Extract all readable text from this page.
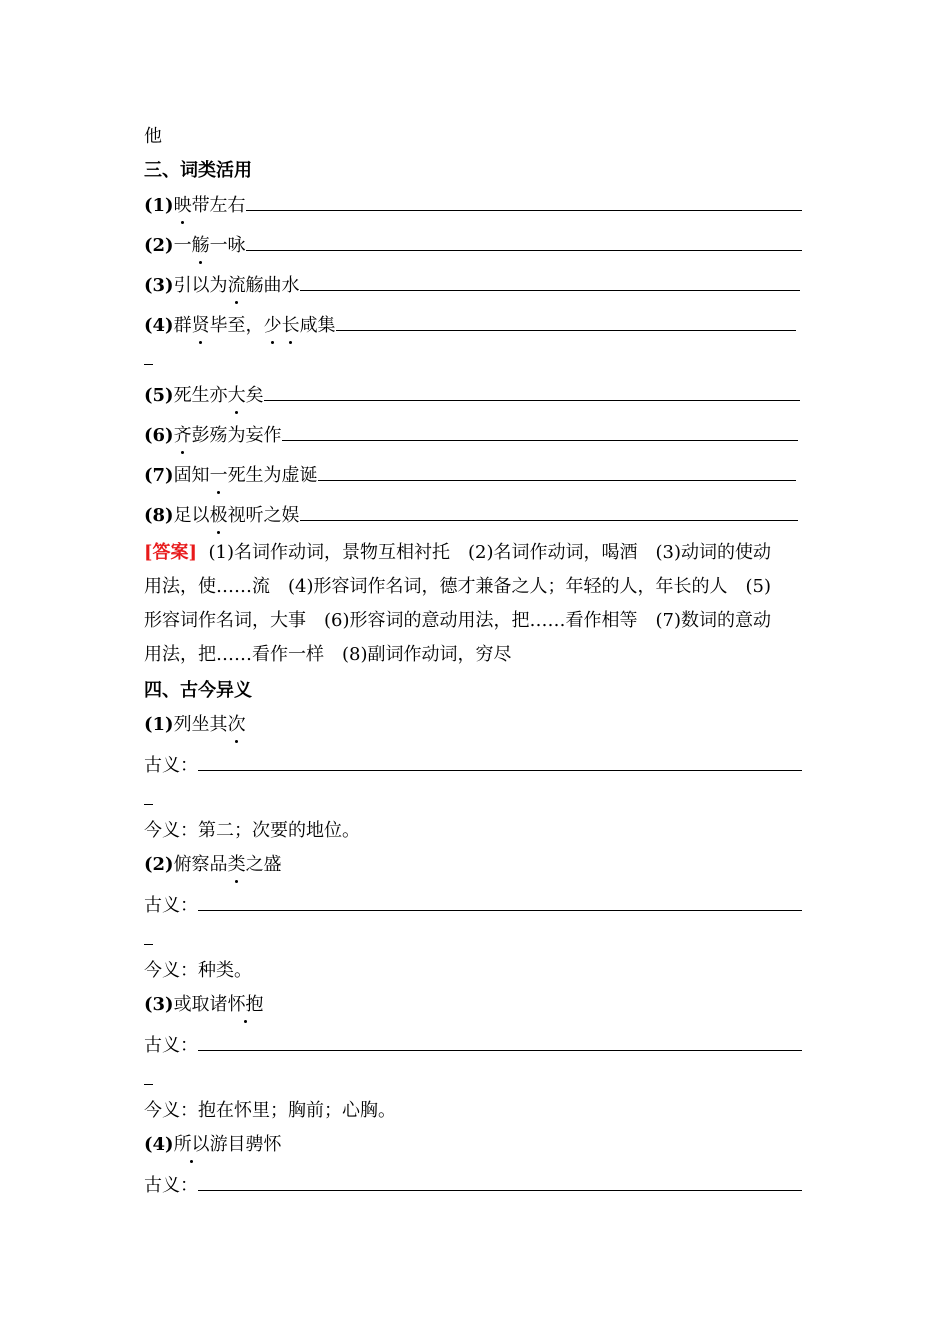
他
三、词类活用
(1)映带左右
(2)一觞一咏
(3)引以为流觞曲水
(4)群贤毕至，少长咸集
(5)死生亦大矣
(6)齐彭殇为妄作
(7)固知一死生为虚诞
(8)足以极视听之娱
[答案] (1)名词作动词，景物互相衬托　(2)名词作动词，喝酒　(3)动词的使动
用法，使……流　(4)形容词作名词，德才兼备之人；年轻的人，年长的人　(5)
形容词作名词，大事　(6)形容词的意动用法，把……看作相等　(7)数词的意动
用法，把……看作一样　(8)副词作动词，穷尽
四、古今异义
(1)列坐其次
古义：
今义：第二；次要的地位。
(2)俯察品类之盛
古义：
今义：种类。
(3)或取诸怀抱
古义：
今义：抱在怀里；胸前；心胸。
(4)所以游目骋怀
古义：
